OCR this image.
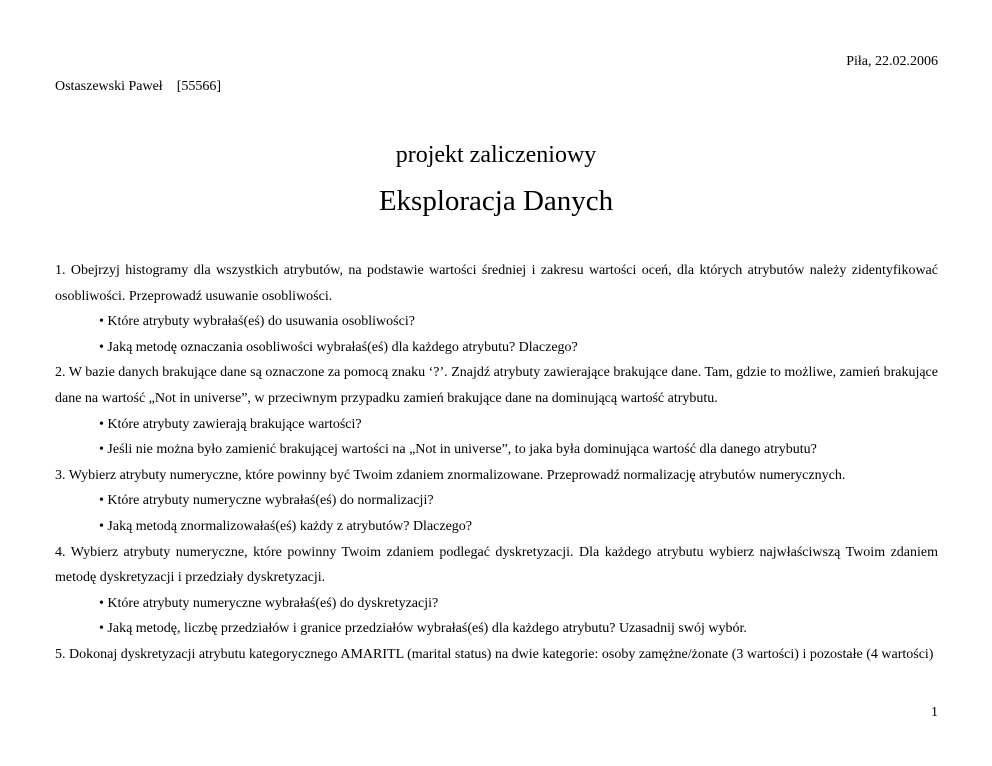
Piła, 22.02.2006
Ostaszewski Paweł [55566]
projekt zaliczeniowy
Eksploracja Danych

1. Obejrzyj histogramy dla wszystkich atrybutów, na podstawie wartości średniej i zakresu wartości oceń, dla których atrybutów należy zidentyfikować osobliwości. Przeprowadź usuwanie osobliwości.

• Które atrybuty wybrałaś(eś) do usuwania osobliwości?

• Jaką metodę oznaczania osobliwości wybrałaś(eś) dla każdego atrybutu? Dlaczego?

2. W bazie danych brakujące dane są oznaczone za pomocą znaku ‘?’. Znajdź atrybuty zawierające brakujące dane. Tam, gdzie to możliwe, zamień brakujące dane na wartość „Not in universe”, w przeciwnym przypadku zamień brakujące dane na dominującą wartość atrybutu.

• Które atrybuty zawierają brakujące wartości?

• Jeśli nie można było zamienić brakującej wartości na „Not in universe”, to jaka była dominująca wartość dla danego atrybutu?

3. Wybierz atrybuty numeryczne, które powinny być Twoim zdaniem znormalizowane. Przeprowadź normalizację atrybutów numerycznych.

• Które atrybuty numeryczne wybrałaś(eś) do normalizacji?

• Jaką metodą znormalizowałaś(eś) każdy z atrybutów? Dlaczego?

4. Wybierz atrybuty numeryczne, które powinny Twoim zdaniem podlegać dyskretyzacji. Dla każdego atrybutu wybierz najwłaściwszą Twoim zdaniem metodę dyskretyzacji i przedziały dyskretyzacji.

• Które atrybuty numeryczne wybrałaś(eś) do dyskretyzacji?

• Jaką metodę, liczbę przedziałów i granice przedziałów wybrałaś(eś) dla każdego atrybutu? Uzasadnij swój wybór.

5. Dokonaj dyskretyzacji atrybutu kategorycznego AMARITL (marital status) na dwie kategorie: osoby zamężne/żonate (3 wartości) i pozostałe (4 wartości)

1
